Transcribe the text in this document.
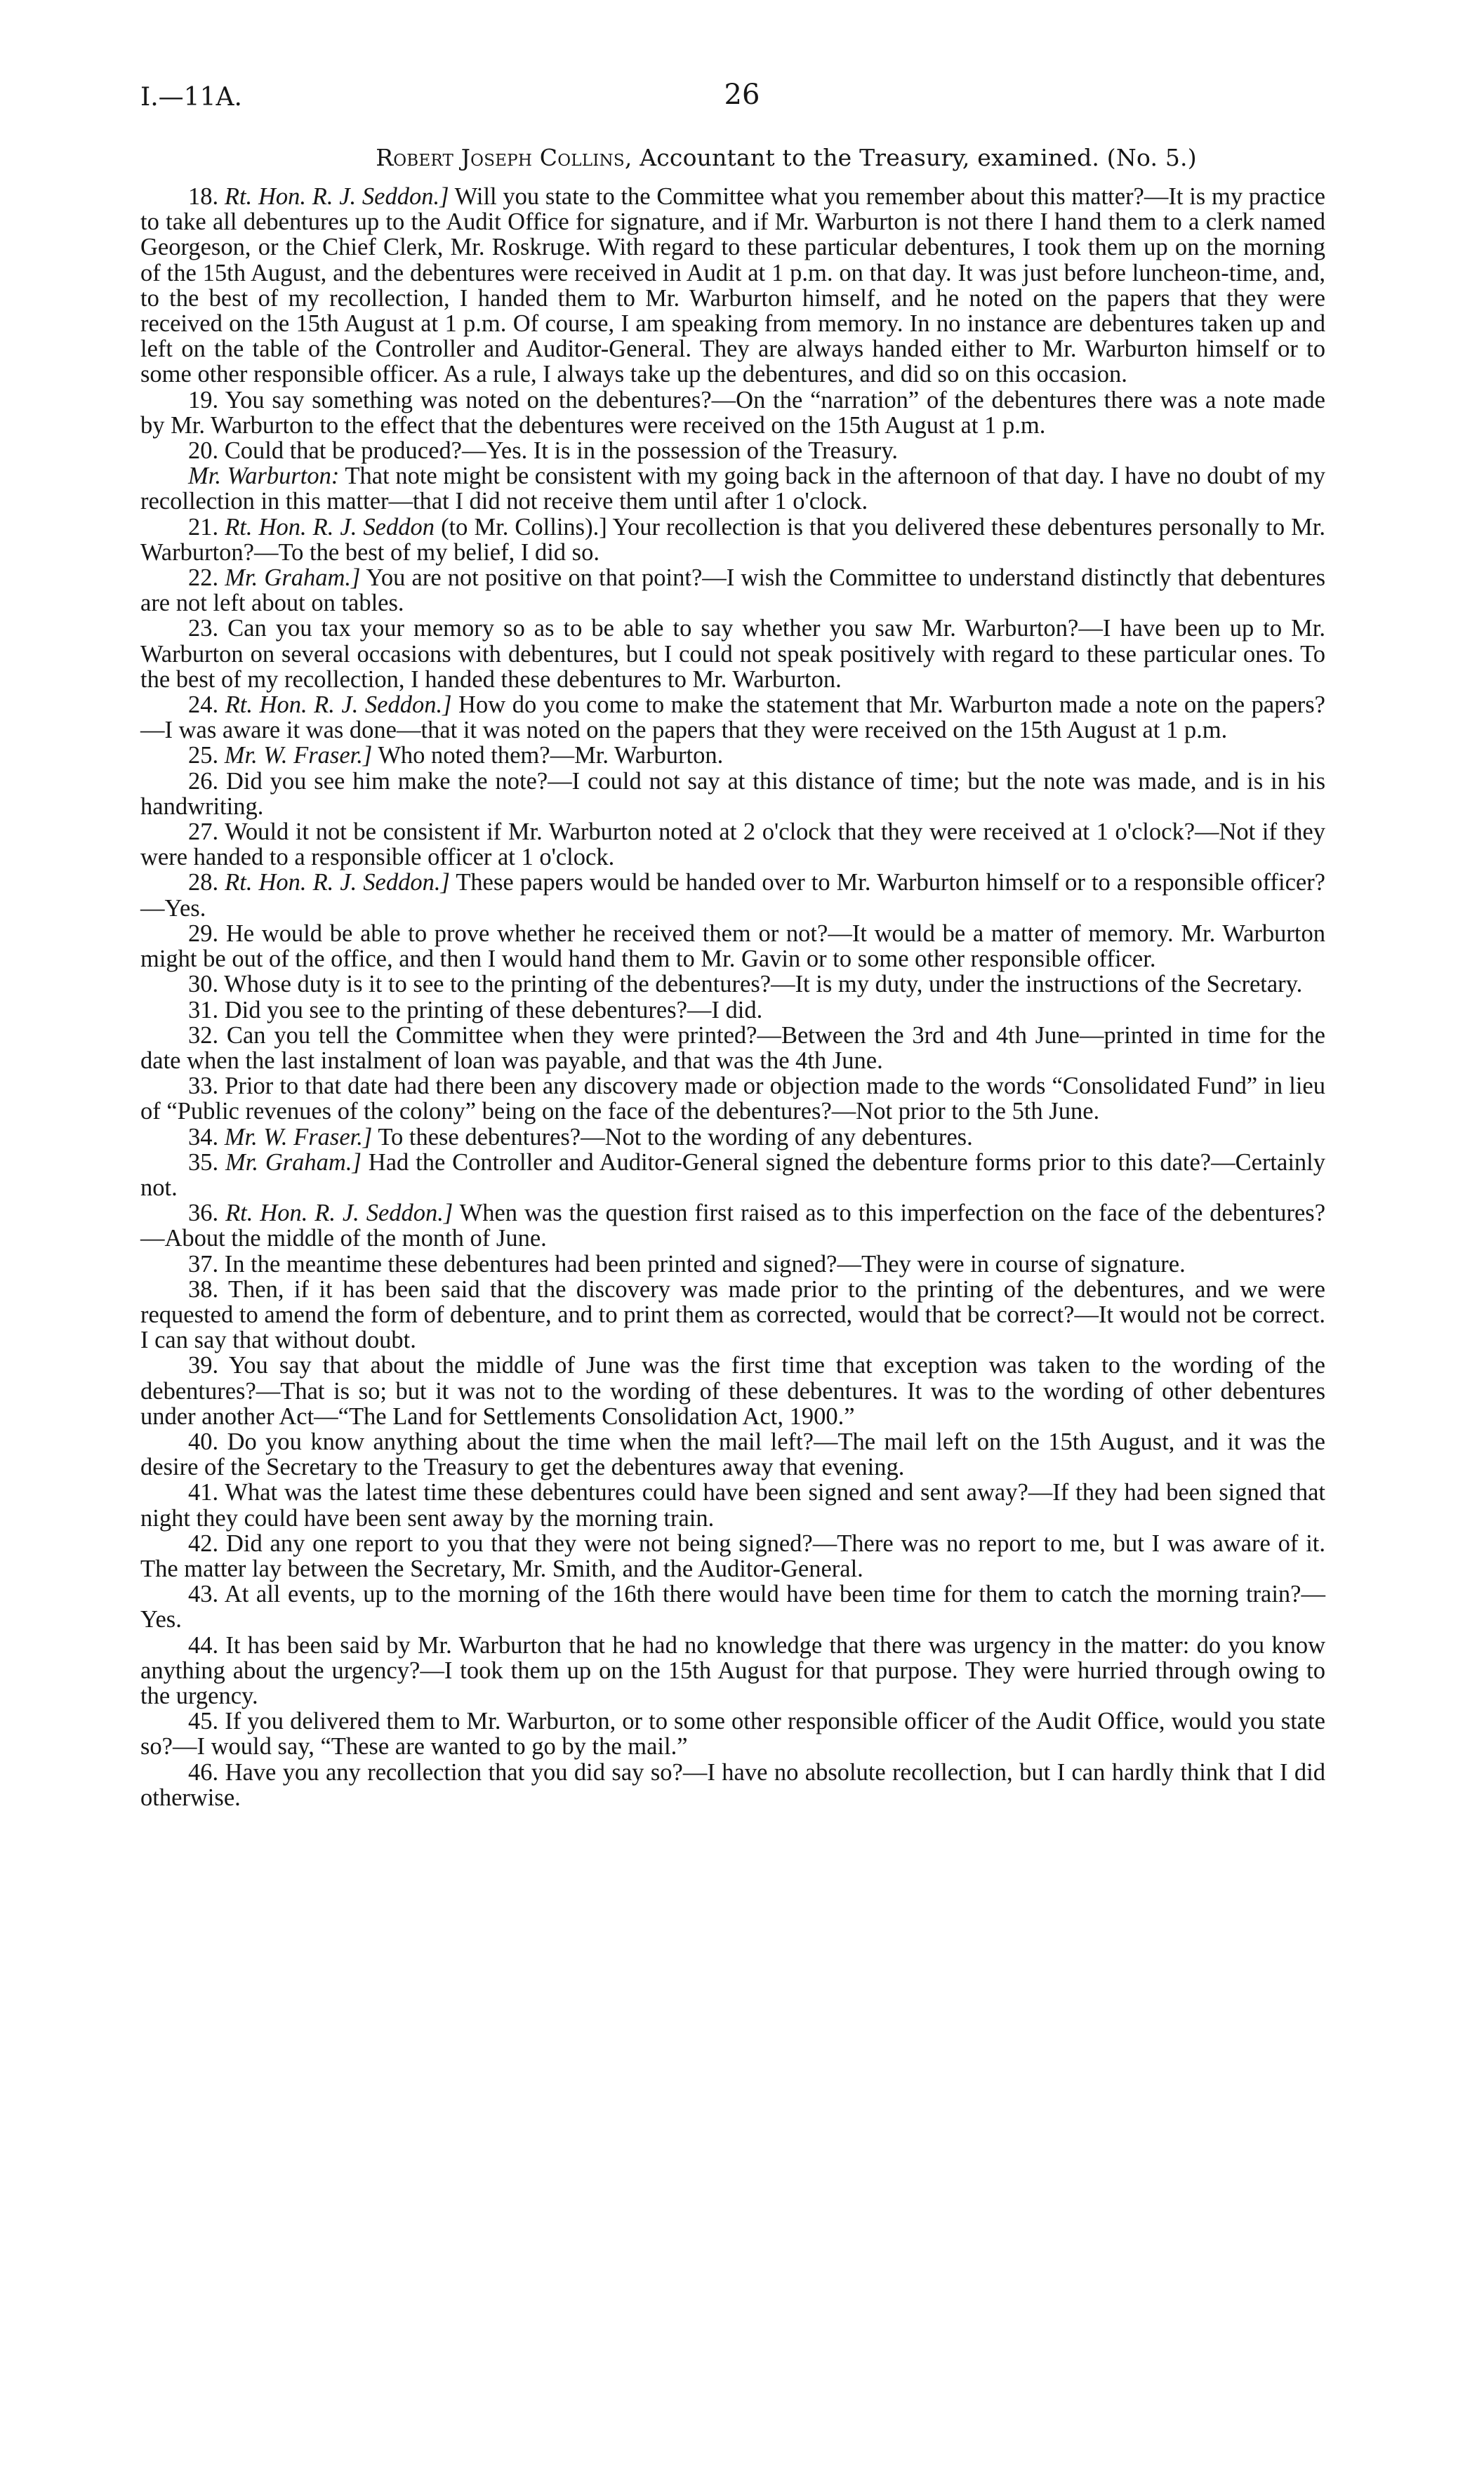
I.—11A.	26
Robert Joseph Collins, Accountant to the Treasury, examined. (No. 5.)

18. Rt. Hon. R. J. Seddon.] Will you state to the Committee what you remember about this matter?—It is my practice to take all debentures up to the Audit Office for signature, and if Mr. Warburton is not there I hand them to a clerk named Georgeson, or the Chief Clerk, Mr. Roskruge. With regard to these particular debentures, I took them up on the morning of the 15th August, and the debentures were received in Audit at 1 p.m. on that day. It was just before luncheon-time, and, to the best of my recollection, I handed them to Mr. Warburton himself, and he noted on the papers that they were received on the 15th August at 1 p.m. Of course, I am speaking from memory. In no instance are debentures taken up and left on the table of the Controller and Auditor-General. They are always handed either to Mr. Warburton himself or to some other responsible officer. As a rule, I always take up the debentures, and did so on this occasion.

19. You say something was noted on the debentures?—On the “narration” of the debentures there was a note made by Mr. Warburton to the effect that the debentures were received on the 15th August at 1 p.m.

20. Could that be produced?—Yes. It is in the possession of the Treasury.

Mr. Warburton: That note might be consistent with my going back in the afternoon of that day. I have no doubt of my recollection in this matter—that I did not receive them until after 1 o'clock.

21. Rt. Hon. R. J. Seddon (to Mr. Collins).] Your recollection is that you delivered these debentures personally to Mr. Warburton?—To the best of my belief, I did so.

22. Mr. Graham.] You are not positive on that point?—I wish the Committee to understand distinctly that debentures are not left about on tables.

23. Can you tax your memory so as to be able to say whether you saw Mr. Warburton?—I have been up to Mr. Warburton on several occasions with debentures, but I could not speak positively with regard to these particular ones. To the best of my recollection, I handed these debentures to Mr. Warburton.

24. Rt. Hon. R. J. Seddon.] How do you come to make the statement that Mr. Warburton made a note on the papers?—I was aware it was done—that it was noted on the papers that they were received on the 15th August at 1 p.m.

25. Mr. W. Fraser.] Who noted them?—Mr. Warburton.

26. Did you see him make the note?—I could not say at this distance of time; but the note was made, and is in his handwriting.

27. Would it not be consistent if Mr. Warburton noted at 2 o'clock that they were received at 1 o'clock?—Not if they were handed to a responsible officer at 1 o'clock.

28. Rt. Hon. R. J. Seddon.] These papers would be handed over to Mr. Warburton himself or to a responsible officer?—Yes.

29. He would be able to prove whether he received them or not?—It would be a matter of memory. Mr. Warburton might be out of the office, and then I would hand them to Mr. Gavin or to some other responsible officer.

30. Whose duty is it to see to the printing of the debentures?—It is my duty, under the instructions of the Secretary.

31. Did you see to the printing of these debentures?—I did.

32. Can you tell the Committee when they were printed?—Between the 3rd and 4th June—printed in time for the date when the last instalment of loan was payable, and that was the 4th June.

33. Prior to that date had there been any discovery made or objection made to the words “Consolidated Fund” in lieu of “Public revenues of the colony” being on the face of the debentures?—Not prior to the 5th June.

34. Mr. W. Fraser.] To these debentures?—Not to the wording of any debentures.

35. Mr. Graham.] Had the Controller and Auditor-General signed the debenture forms prior to this date?—Certainly not.

36. Rt. Hon. R. J. Seddon.] When was the question first raised as to this imperfection on the face of the debentures?—About the middle of the month of June.

37. In the meantime these debentures had been printed and signed?—They were in course of signature.

38. Then, if it has been said that the discovery was made prior to the printing of the debentures, and we were requested to amend the form of debenture, and to print them as corrected, would that be correct?—It would not be correct. I can say that without doubt.

39. You say that about the middle of June was the first time that exception was taken to the wording of the debentures?—That is so; but it was not to the wording of these debentures. It was to the wording of other debentures under another Act—“The Land for Settlements Consolidation Act, 1900.”

40. Do you know anything about the time when the mail left?—The mail left on the 15th August, and it was the desire of the Secretary to the Treasury to get the debentures away that evening.

41. What was the latest time these debentures could have been signed and sent away?—If they had been signed that night they could have been sent away by the morning train.

42. Did any one report to you that they were not being signed?—There was no report to me, but I was aware of it. The matter lay between the Secretary, Mr. Smith, and the Auditor-General.

43. At all events, up to the morning of the 16th there would have been time for them to catch the morning train?—Yes.

44. It has been said by Mr. Warburton that he had no knowledge that there was urgency in the matter: do you know anything about the urgency?—I took them up on the 15th August for that purpose. They were hurried through owing to the urgency.

45. If you delivered them to Mr. Warburton, or to some other responsible officer of the Audit Office, would you state so?—I would say, “These are wanted to go by the mail.”

46. Have you any recollection that you did say so?—I have no absolute recollection, but I can hardly think that I did otherwise.
